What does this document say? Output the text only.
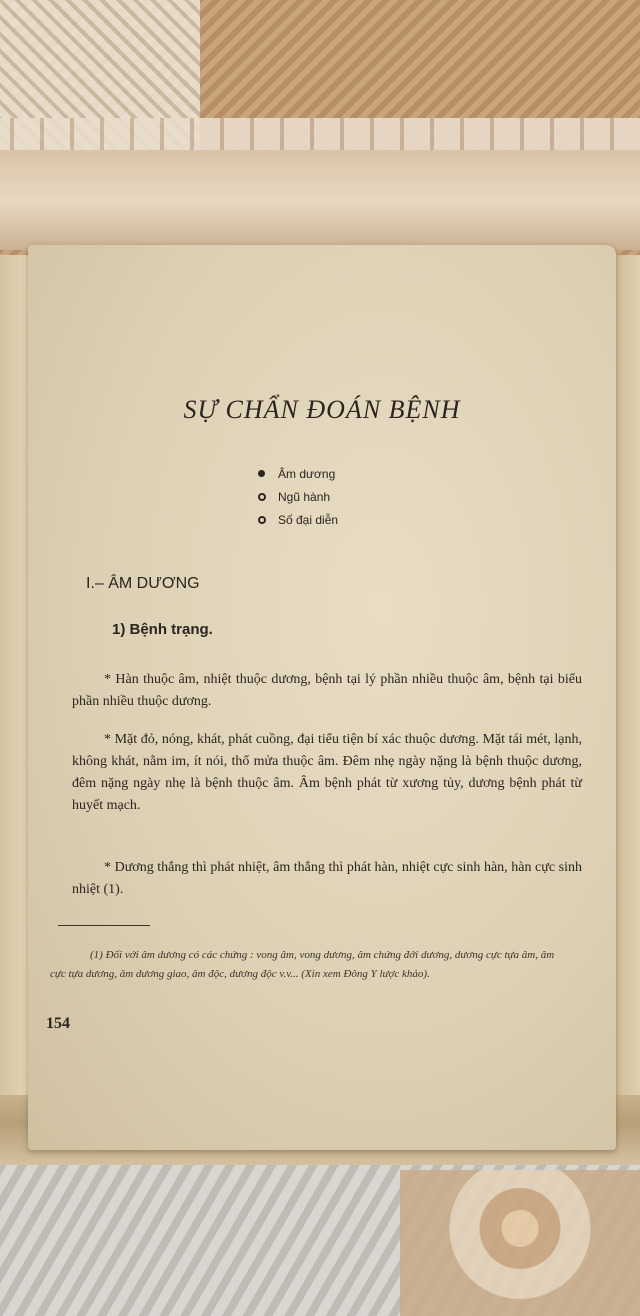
SỰ CHẨN ĐOÁN BỆNH
Âm dương
Ngũ hành
Số đại diễn
I.– ÂM DƯƠNG
1) Bệnh trạng.

* Hàn thuộc âm, nhiệt thuộc dương, bệnh tại lý phần nhiều thuộc âm, bệnh tại biểu phần nhiều thuộc dương.

* Mặt đỏ, nóng, khát, phát cuồng, đại tiểu tiện bí xác thuộc dương. Mặt tái mét, lạnh, không khát, nằm im, ít nói, thổ mửa thuộc âm. Đêm nhẹ ngày nặng là bệnh thuộc dương, đêm nặng ngày nhẹ là bệnh thuộc âm. Âm bệnh phát từ xương tủy, dương bệnh phát từ huyết mạch.

* Dương thắng thì phát nhiệt, âm thắng thì phát hàn, nhiệt cực sinh hàn, hàn cực sinh nhiệt (1).

(1) Đối với âm dương có các chứng : vong âm, vong dương, âm chứng đới dương, dương cực tựa âm, âm cực tựa dương, âm dương giao, âm độc, dương độc v.v... (Xin xem Đông Y lược khảo).

154
